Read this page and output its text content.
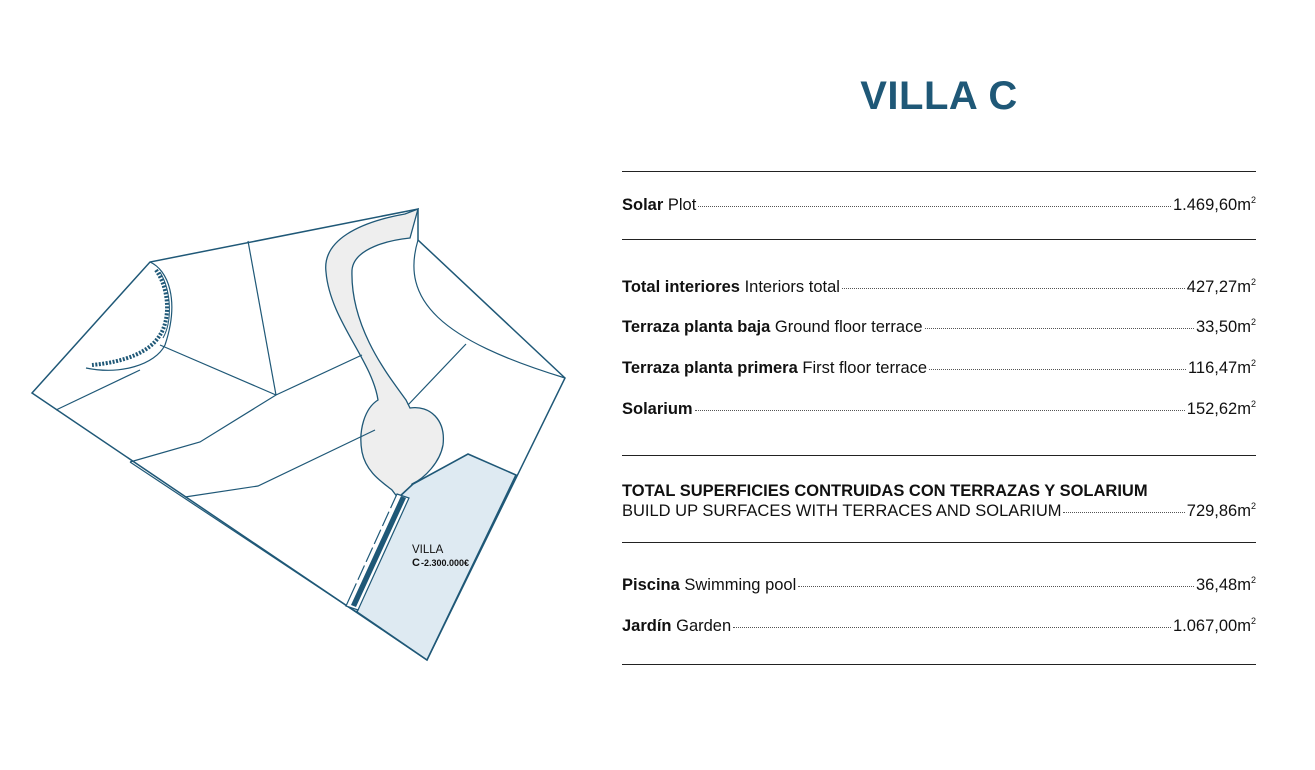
VILLA
C -2.300.000€
VILLA C
Solar Plot	$1.469,60m^2$
Total interiores Interiors total	$427,27m^2$
Terraza planta baja Ground floor terrace	$33,50m^2$
Terraza planta primera First floor terrace	$116,47m^2$
Solarium	$152,62m^2$
TOTAL SUPERFICIES CONTRUIDAS CON TERRAZAS Y SOLARIUM
BUILD UP SURFACES WITH TERRACES AND SOLARIUM	$729,86m^2$
Piscina Swimming pool	$36,48m^2$
Jardín Garden	$1.067,00m^2$
